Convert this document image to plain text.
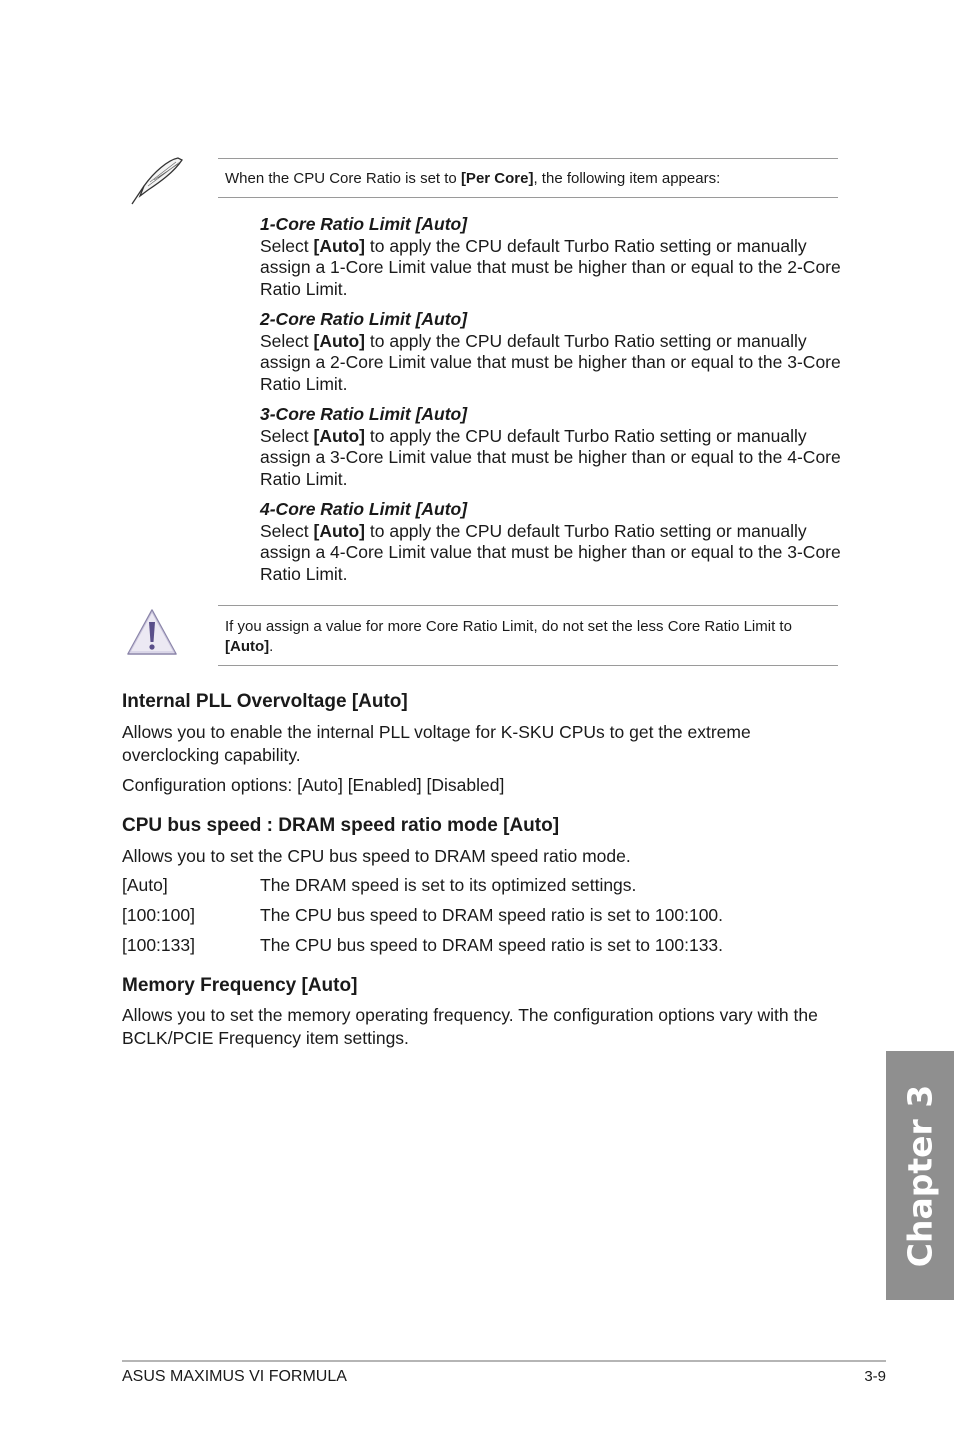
When the CPU Core Ratio is set to [Per Core], the following item appears:
1-Core Ratio Limit [Auto]
Select [Auto] to apply the CPU default Turbo Ratio setting or manually assign a 1-Core Limit value that must be higher than or equal to the 2-Core Ratio Limit.
2-Core Ratio Limit [Auto]
Select [Auto] to apply the CPU default Turbo Ratio setting or manually assign a 2-Core Limit value that must be higher than or equal to the 3-Core Ratio Limit.
3-Core Ratio Limit [Auto]
Select [Auto] to apply the CPU default Turbo Ratio setting or manually assign a 3-Core Limit value that must be higher than or equal to the 4-Core Ratio Limit.
4-Core Ratio Limit [Auto]
Select [Auto] to apply the CPU default Turbo Ratio setting or manually assign a 4-Core Limit value that must be higher than or equal to the 3-Core Ratio Limit.
If you assign a value for more Core Ratio Limit, do not set the less Core Ratio Limit to [Auto].
Internal PLL Overvoltage [Auto]
Allows you to enable the internal PLL voltage for K-SKU CPUs to get the extreme overclocking capability.
Configuration options: [Auto] [Enabled] [Disabled]
CPU bus speed : DRAM speed ratio mode [Auto]
Allows you to set the CPU bus speed to DRAM speed ratio mode.
[Auto]	The DRAM speed is set to its optimized settings.
[100:100]	The CPU bus speed to DRAM speed ratio is set to 100:100.
[100:133]	The CPU bus speed to DRAM speed ratio is set to 100:133.
Memory Frequency [Auto]
Allows you to set the memory operating frequency. The configuration options vary with the BCLK/PCIE Frequency item settings.
Chapter 3
ASUS MAXIMUS VI FORMULA	3-9
